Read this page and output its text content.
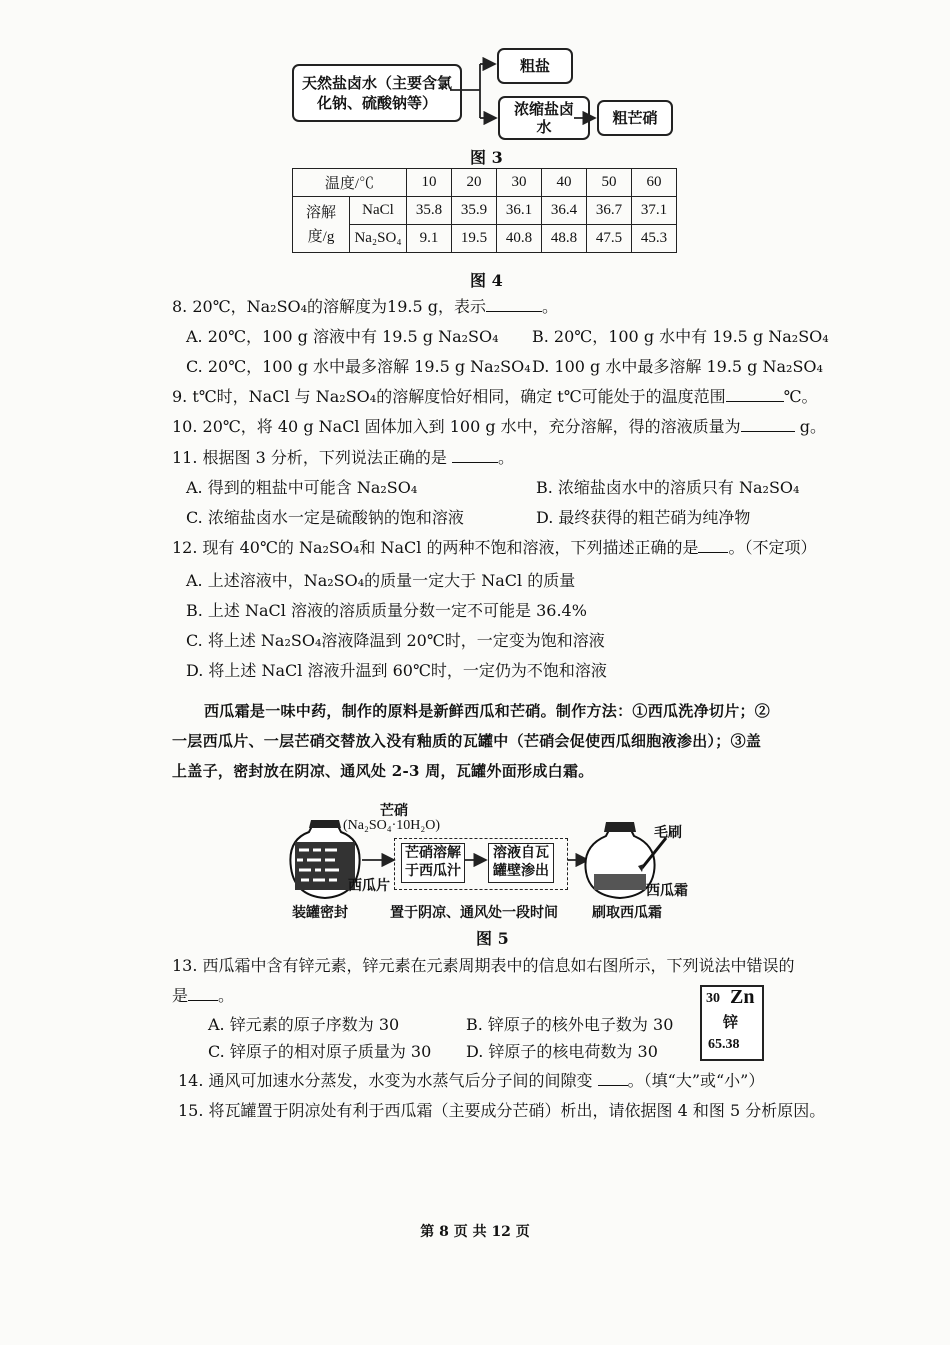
天然盐卤水（主要含氯化钠、硫酸钠等）
粗盐
浓缩盐卤水	粗芒硝
图 3
温度/℃		10	20	30	40	50	60
溶解度/g	NaCl	35.8	35.9	36.1	36.4	36.7	37.1
	Na₂SO₄	9.1	19.5	40.8	48.8	47.5	45.3
图 4
8. 20℃，Na₂SO₄的溶解度为19.5 g，表示	。
A. 20℃，100 g 溶液中有 19.5 g Na₂SO₄ B. 20℃，100 g 水中有 19.5 g Na₂SO₄
C. 20℃，100 g 水中最多溶解 19.5 g Na₂SO₄ D. 100 g 水中最多溶解 19.5 g Na₂SO₄
9. t℃时，NaCl 与 Na₂SO₄的溶解度恰好相同，确定 t℃可能处于的温度范围	℃。
10. 20℃，将 40 g NaCl 固体加入到 100 g 水中，充分溶解，得的溶液质量为	g。
11. 根据图 3 分析，下列说法正确的是	。
A. 得到的粗盐中可能含 Na₂SO₄	B. 浓缩盐卤水中的溶质只有 Na₂SO₄
C. 浓缩盐卤水一定是硫酸钠的饱和溶液	D. 最终获得的粗芒硝为纯净物
12. 现有 40℃的 Na₂SO₄和 NaCl 的两种不饱和溶液，下列描述正确的是 。（不定项）
A. 上述溶液中，Na₂SO₄的质量一定大于 NaCl 的质量
B. 上述 NaCl 溶液的溶质质量分数一定不可能是 36.4%
C. 将上述 Na₂SO₄溶液降温到 20℃时，一定变为饱和溶液
D. 将上述 NaCl 溶液升温到 60℃时，一定仍为不饱和溶液
西瓜霜是一味中药，制作的原料是新鲜西瓜和芒硝。制作方法：①西瓜洗净切片；②
一层西瓜片、一层芒硝交替放入没有釉质的瓦罐中（芒硝会促使西瓜细胞液渗出）；③盖
上盖子，密封放在阴凉、通风处 2-3 周，瓦罐外面形成白霜。
芒硝
(Na₂SO₄·10H₂O)
西瓜片
芒硝溶解于西瓜汁
溶液自瓦罐壁渗出
毛刷
西瓜霜
装罐密封	置于阴凉、通风处一段时间 刷取西瓜霜
图 5
13. 西瓜霜中含有锌元素，锌元素在元素周期表中的信息如右图所示，下列说法中错误的
是 。
A. 锌元素的原子序数为 30	B. 锌原子的核外电子数为 30
C. 锌原子的相对原子质量为 30 D. 锌原子的核电荷数为 30
30 Zn
锌
65.38
14. 通风可加速水分蒸发，水变为水蒸气后分子间的间隙变 。（填“大”或“小”）
15. 将瓦罐置于阴凉处有利于西瓜霜（主要成分芒硝）析出，请依据图 4 和图 5 分析原因。
第 8 页 共 12 页
